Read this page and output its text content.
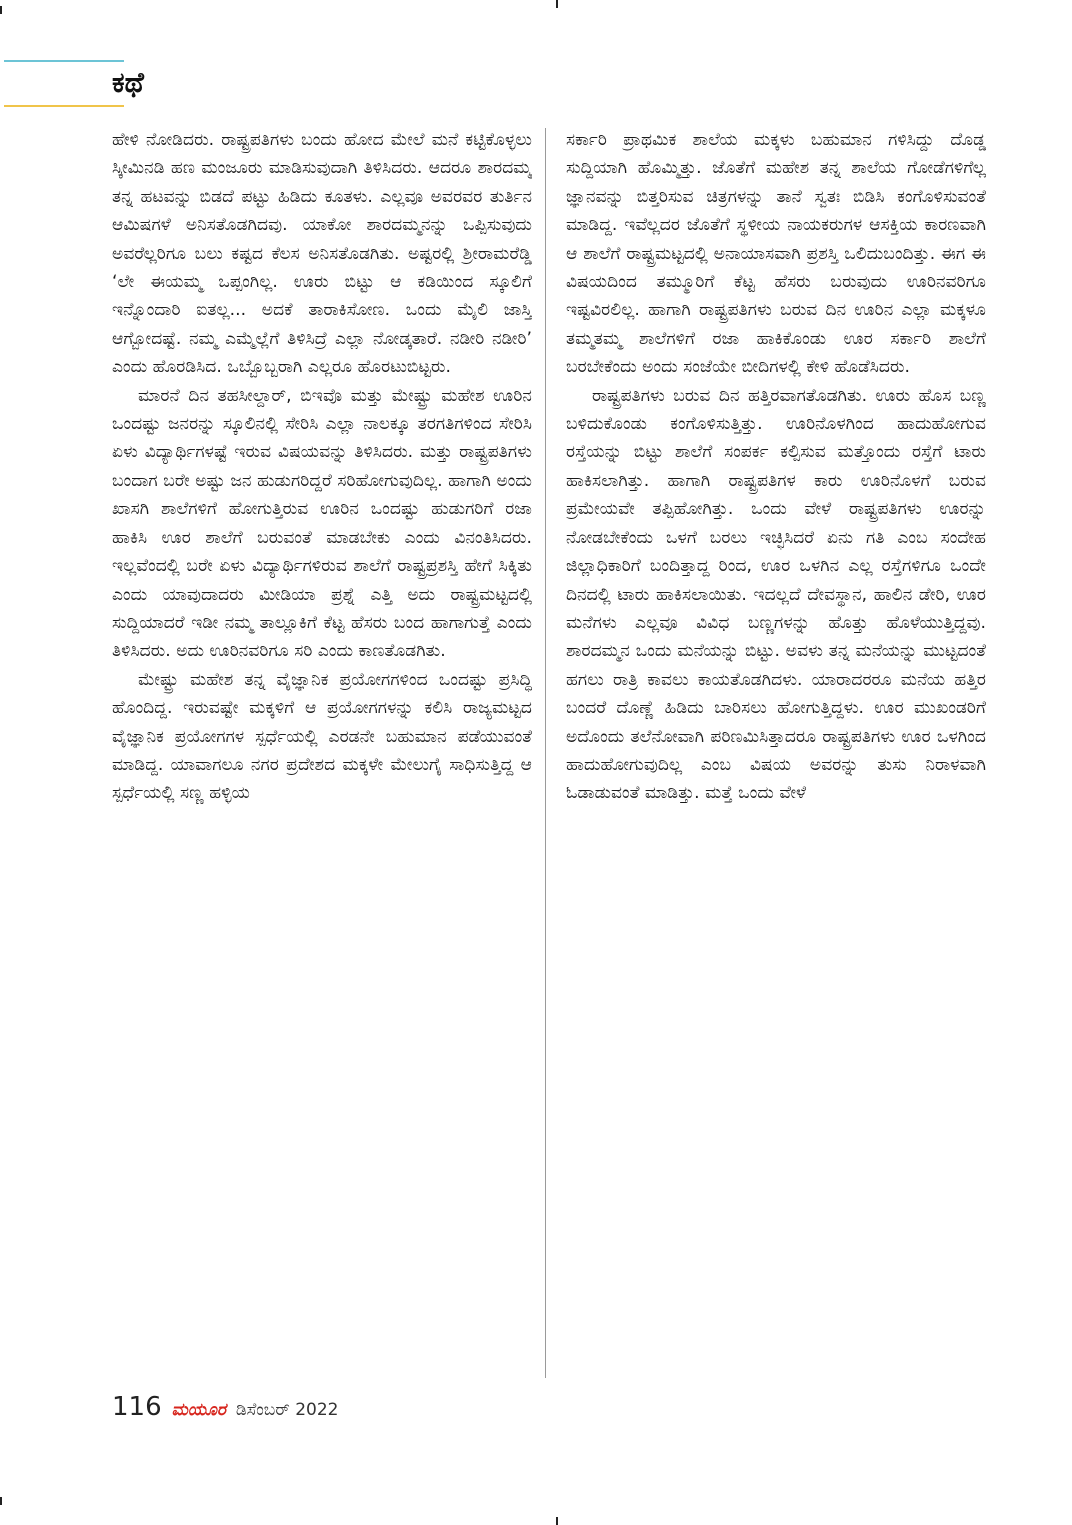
ಕಥೆ

ಹೇಳಿ ನೋಡಿದರು. ರಾಷ್ಟ್ರಪತಿಗಳು ಬಂದು ಹೋದ ಮೇಲೆ ಮನೆ ಕಟ್ಟಿಕೊಳ್ಳಲು ಸ್ಕೀಮಿನಡಿ ಹಣ ಮಂಜೂರು ಮಾಡಿಸುವುದಾಗಿ ತಿಳಿಸಿದರು. ಆದರೂ ಶಾರದಮ್ಮ ತನ್ನ ಹಟವನ್ನು ಬಿಡದೆ ಪಟ್ಟು ಹಿಡಿದು ಕೂತಳು. ಎಲ್ಲವೂ ಅವರವರ ತುರ್ತಿನ ಆಮಿಷಗಳೆ ಅನಿಸತೊಡಗಿದವು. ಯಾಕೋ ಶಾರದಮ್ಮನನ್ನು ಒಪ್ಪಿಸುವುದು ಅವರೆಲ್ಲರಿಗೂ ಬಲು ಕಷ್ಟದ ಕೆಲಸ ಅನಿಸತೊಡಗಿತು. ಅಷ್ಟರಲ್ಲಿ ಶ್ರೀರಾಮರೆಡ್ಡಿ ‘ಲೇ ಈಯಮ್ಮ ಒಪ್ಪಂಗಿಲ್ಲ. ಊರು ಬಿಟ್ಟು ಆ ಕಡಿಯಿಂದ ಸ್ಕೂಲಿಗೆ ಇನ್ನೊಂದಾರಿ ಐತಲ್ಲ... ಅದಕೆ ತಾರಾಕಿಸೋಣ. ಒಂದು ಮೈಲಿ ಜಾಸ್ತಿ ಆಗ್ಬೋದಷ್ಟೆ. ನಮ್ಮ ಎಮ್ಮೆಲ್ಲೆಗೆ ತಿಳಿಸಿದ್ರೆ ಎಲ್ಲಾ ನೋಡ್ಕತಾರೆ. ನಡೀರಿ ನಡೀರಿ’ ಎಂದು ಹೊರಡಿಸಿದ. ಒಬ್ಬೊಬ್ಬರಾಗಿ ಎಲ್ಲರೂ ಹೊರಟುಬಿಟ್ಟರು.

ಮಾರನೆ ದಿನ ತಹಸೀಲ್ದಾರ್, ಬಿಇವೊ ಮತ್ತು ಮೇಷ್ಟ್ರು ಮಹೇಶ ಊರಿನ ಒಂದಷ್ಟು ಜನರನ್ನು ಸ್ಕೂಲಿನಲ್ಲಿ ಸೇರಿಸಿ ಎಲ್ಲಾ ನಾಲಕ್ಕೂ ತರಗತಿಗಳಿಂದ ಸೇರಿಸಿ ಏಳು ವಿದ್ಯಾರ್ಥಿಗಳಷ್ಟೆ ಇರುವ ವಿಷಯವನ್ನು ತಿಳಿಸಿದರು. ಮತ್ತು ರಾಷ್ಟ್ರಪತಿಗಳು ಬಂದಾಗ ಬರೇ ಅಷ್ಟು ಜನ ಹುಡುಗರಿದ್ದರೆ ಸರಿಹೋಗುವುದಿಲ್ಲ. ಹಾಗಾಗಿ ಅಂದು ಖಾಸಗಿ ಶಾಲೆಗಳಿಗೆ ಹೋಗುತ್ತಿರುವ ಊರಿನ ಒಂದಷ್ಟು ಹುಡುಗರಿಗೆ ರಜಾ ಹಾಕಿಸಿ ಊರ ಶಾಲೆಗೆ ಬರುವಂತೆ ಮಾಡಬೇಕು ಎಂದು ವಿನಂತಿಸಿದರು. ಇಲ್ಲವೆಂದಲ್ಲಿ ಬರೇ ಏಳು ವಿದ್ಯಾರ್ಥಿಗಳಿರುವ ಶಾಲೆಗೆ ರಾಷ್ಟ್ರಪ್ರಶಸ್ತಿ ಹೇಗೆ ಸಿಕ್ಕಿತು ಎಂದು ಯಾವುದಾದರು ಮೀಡಿಯಾ ಪ್ರಶ್ನೆ ಎತ್ತಿ ಅದು ರಾಷ್ಟ್ರಮಟ್ಟದಲ್ಲಿ ಸುದ್ದಿಯಾದರೆ ಇಡೀ ನಮ್ಮ ತಾಲ್ಲೂಕಿಗೆ ಕೆಟ್ಟ ಹೆಸರು ಬಂದ ಹಾಗಾಗುತ್ತೆ ಎಂದು ತಿಳಿಸಿದರು. ಅದು ಊರಿನವರಿಗೂ ಸರಿ ಎಂದು ಕಾಣತೊಡಗಿತು.

ಮೇಷ್ಟ್ರು ಮಹೇಶ ತನ್ನ ವೈಜ್ಞಾನಿಕ ಪ್ರಯೋಗಗಳಿಂದ ಒಂದಷ್ಟು ಪ್ರಸಿದ್ಧಿ ಹೊಂದಿದ್ದ. ಇರುವಷ್ಟೇ ಮಕ್ಕಳಿಗೆ ಆ ಪ್ರಯೋಗಗಳನ್ನು ಕಲಿಸಿ ರಾಜ್ಯಮಟ್ಟದ ವೈಜ್ಞಾನಿಕ ಪ್ರಯೋಗಗಳ ಸ್ಪರ್ಧೆಯಲ್ಲಿ ಎರಡನೇ ಬಹುಮಾನ ಪಡೆಯುವಂತೆ ಮಾಡಿದ್ದ. ಯಾವಾಗಲೂ ನಗರ ಪ್ರದೇಶದ ಮಕ್ಕಳೇ ಮೇಲುಗೈ ಸಾಧಿಸುತ್ತಿದ್ದ ಆ ಸ್ಪರ್ಧೆಯಲ್ಲಿ ಸಣ್ಣ ಹಳ್ಳಿಯ

ಸರ್ಕಾರಿ ಪ್ರಾಥಮಿಕ ಶಾಲೆಯ ಮಕ್ಕಳು ಬಹುಮಾನ ಗಳಿಸಿದ್ದು ದೊಡ್ಡ ಸುದ್ದಿಯಾಗಿ ಹೊಮ್ಮಿತ್ತು. ಜೊತೆಗೆ ಮಹೇಶ ತನ್ನ ಶಾಲೆಯ ಗೋಡೆಗಳಿಗೆಲ್ಲ ಜ್ಞಾನವನ್ನು ಬಿತ್ತರಿಸುವ ಚಿತ್ರಗಳನ್ನು ತಾನೆ ಸ್ವತಃ ಬಿಡಿಸಿ ಕಂಗೊಳಿಸುವಂತೆ ಮಾಡಿದ್ದ. ಇವೆಲ್ಲದರ ಜೊತೆಗೆ ಸ್ಥಳೀಯ ನಾಯಕರುಗಳ ಆಸಕ್ತಿಯ ಕಾರಣವಾಗಿ ಆ ಶಾಲೆಗೆ ರಾಷ್ಟ್ರಮಟ್ಟದಲ್ಲಿ ಅನಾಯಾಸವಾಗಿ ಪ್ರಶಸ್ತಿ ಒಲಿದುಬಂದಿತ್ತು. ಈಗ ಈ ವಿಷಯದಿಂದ ತಮ್ಮೂರಿಗೆ ಕೆಟ್ಟ ಹೆಸರು ಬರುವುದು ಊರಿನವರಿಗೂ ಇಷ್ಟವಿರಲಿಲ್ಲ. ಹಾಗಾಗಿ ರಾಷ್ಟ್ರಪತಿಗಳು ಬರುವ ದಿನ ಊರಿನ ಎಲ್ಲಾ ಮಕ್ಕಳೂ ತಮ್ಮತಮ್ಮ ಶಾಲೆಗಳಿಗೆ ರಜಾ ಹಾಕಿಕೊಂಡು ಊರ ಸರ್ಕಾರಿ ಶಾಲೆಗೆ ಬರಬೇಕೆಂದು ಅಂದು ಸಂಜೆಯೇ ಬೀದಿಗಳಲ್ಲಿ ಕೇಳಿ ಹೊಡೆಸಿದರು.

ರಾಷ್ಟ್ರಪತಿಗಳು ಬರುವ ದಿನ ಹತ್ತಿರವಾಗತೊಡಗಿತು. ಊರು ಹೊಸ ಬಣ್ಣ ಬಳಿದುಕೊಂಡು ಕಂಗೊಳಿಸುತ್ತಿತ್ತು. ಊರಿನೊಳಗಿಂದ ಹಾದುಹೋಗುವ ರಸ್ತೆಯನ್ನು ಬಿಟ್ಟು ಶಾಲೆಗೆ ಸಂಪರ್ಕ ಕಲ್ಪಿಸುವ ಮತ್ತೊಂದು ರಸ್ತೆಗೆ ಟಾರು ಹಾಕಿಸಲಾಗಿತ್ತು. ಹಾಗಾಗಿ ರಾಷ್ಟ್ರಪತಿಗಳ ಕಾರು ಊರಿನೊಳಗೆ ಬರುವ ಪ್ರಮೇಯವೇ ತಪ್ಪಿಹೋಗಿತ್ತು. ಒಂದು ವೇಳೆ ರಾಷ್ಟ್ರಪತಿಗಳು ಊರನ್ನು ನೋಡಬೇಕೆಂದು ಒಳಗೆ ಬರಲು ಇಚ್ಛಿಸಿದರೆ ಏನು ಗತಿ ಎಂಬ ಸಂದೇಹ ಜಿಲ್ಲಾಧಿಕಾರಿಗೆ ಬಂದಿತ್ತಾದ್ದ ರಿಂದ, ಊರ ಒಳಗಿನ ಎಲ್ಲ ರಸ್ತೆಗಳಿಗೂ ಒಂದೇ ದಿನದಲ್ಲಿ ಟಾರು ಹಾಕಿಸಲಾಯಿತು. ಇದಲ್ಲದೆ ದೇವಸ್ಥಾನ, ಹಾಲಿನ ಡೇರಿ, ಊರ ಮನೆಗಳು ಎಲ್ಲವೂ ವಿವಿಧ ಬಣ್ಣಗಳನ್ನು ಹೊತ್ತು ಹೊಳೆಯುತ್ತಿದ್ದವು. ಶಾರದಮ್ಮನ ಒಂದು ಮನೆಯನ್ನು ಬಿಟ್ಟು. ಅವಳು ತನ್ನ ಮನೆಯನ್ನು ಮುಟ್ಟದಂತೆ ಹಗಲು ರಾತ್ರಿ ಕಾವಲು ಕಾಯತೊಡಗಿದಳು. ಯಾರಾದರರೂ ಮನೆಯ ಹತ್ತಿರ ಬಂದರೆ ದೊಣ್ಣೆ ಹಿಡಿದು ಬಾರಿಸಲು ಹೋಗುತ್ತಿದ್ದಳು. ಊರ ಮುಖಂಡರಿಗೆ ಅದೊಂದು ತಲೆನೋವಾಗಿ ಪರಿಣಮಿಸಿತ್ತಾದರೂ ರಾಷ್ಟ್ರಪತಿಗಳು ಊರ ಒಳಗಿಂದ ಹಾದುಹೋಗುವುದಿಲ್ಲ ಎಂಬ ವಿಷಯ ಅವರನ್ನು ತುಸು ನಿರಾಳವಾಗಿ ಓಡಾಡುವಂತೆ ಮಾಡಿತ್ತು. ಮತ್ತೆ ಒಂದು ವೇಳೆ

116 ಮಯೂರ ಡಿಸೆಂಬರ್ 2022
